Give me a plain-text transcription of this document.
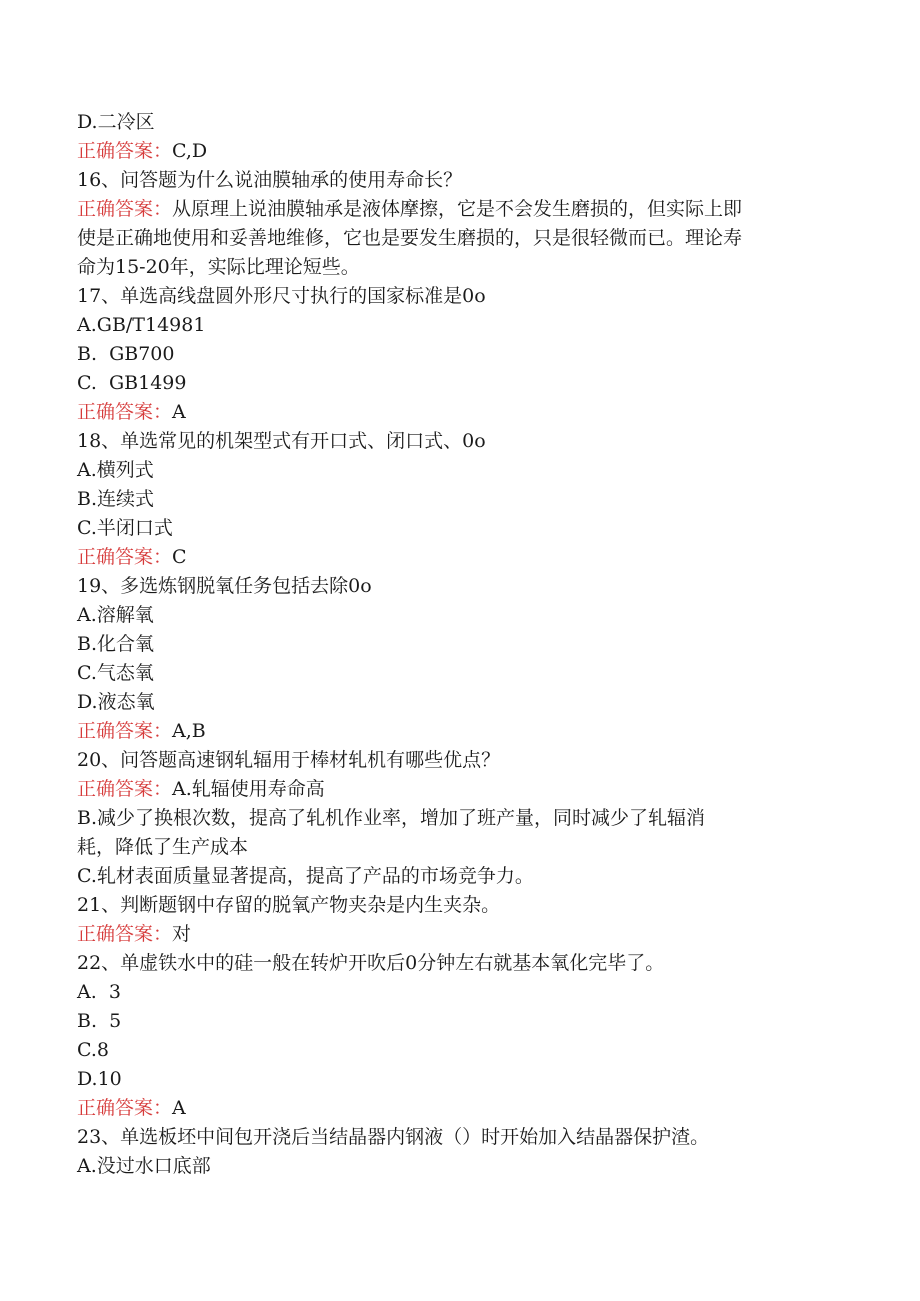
D.二冷区
正确答案：C,D
16、问答题为什么说油膜轴承的使用寿命长？
正确答案：从原理上说油膜轴承是液体摩擦，它是不会发生磨损的，但实际上即
使是正确地使用和妥善地维修，它也是要发生磨损的，只是很轻微而已。理论寿
命为15-20年，实际比理论短些。
17、单选高线盘圆外形尺寸执行的国家标准是0o
A.GB/T14981
B.  GB700
C.  GB1499
正确答案：A
18、单选常见的机架型式有开口式、闭口式、0o
A.横列式
B.连续式
C.半闭口式
正确答案：C
19、多选炼钢脱氧任务包括去除0o
A.溶解氧
B.化合氧
C.气态氧
D.液态氧
正确答案：A,B
20、问答题高速钢轧辐用于棒材轧机有哪些优点？
正确答案：A.轧辐使用寿命高
B.减少了换根次数，提高了轧机作业率，增加了班产量，同时减少了轧辐消
耗，降低了生产成本
C.轧材表面质量显著提高，提高了产品的市场竞争力。
21、判断题钢中存留的脱氧产物夹杂是内生夹杂。
正确答案：对
22、单虚铁水中的硅一般在转炉开吹后0分钟左右就基本氧化完毕了。
A.  3
B.  5
C.8
D.10
正确答案：A
23、单选板坯中间包开浇后当结晶器内钢液（）时开始加入结晶器保护渣。
A.没过水口底部
